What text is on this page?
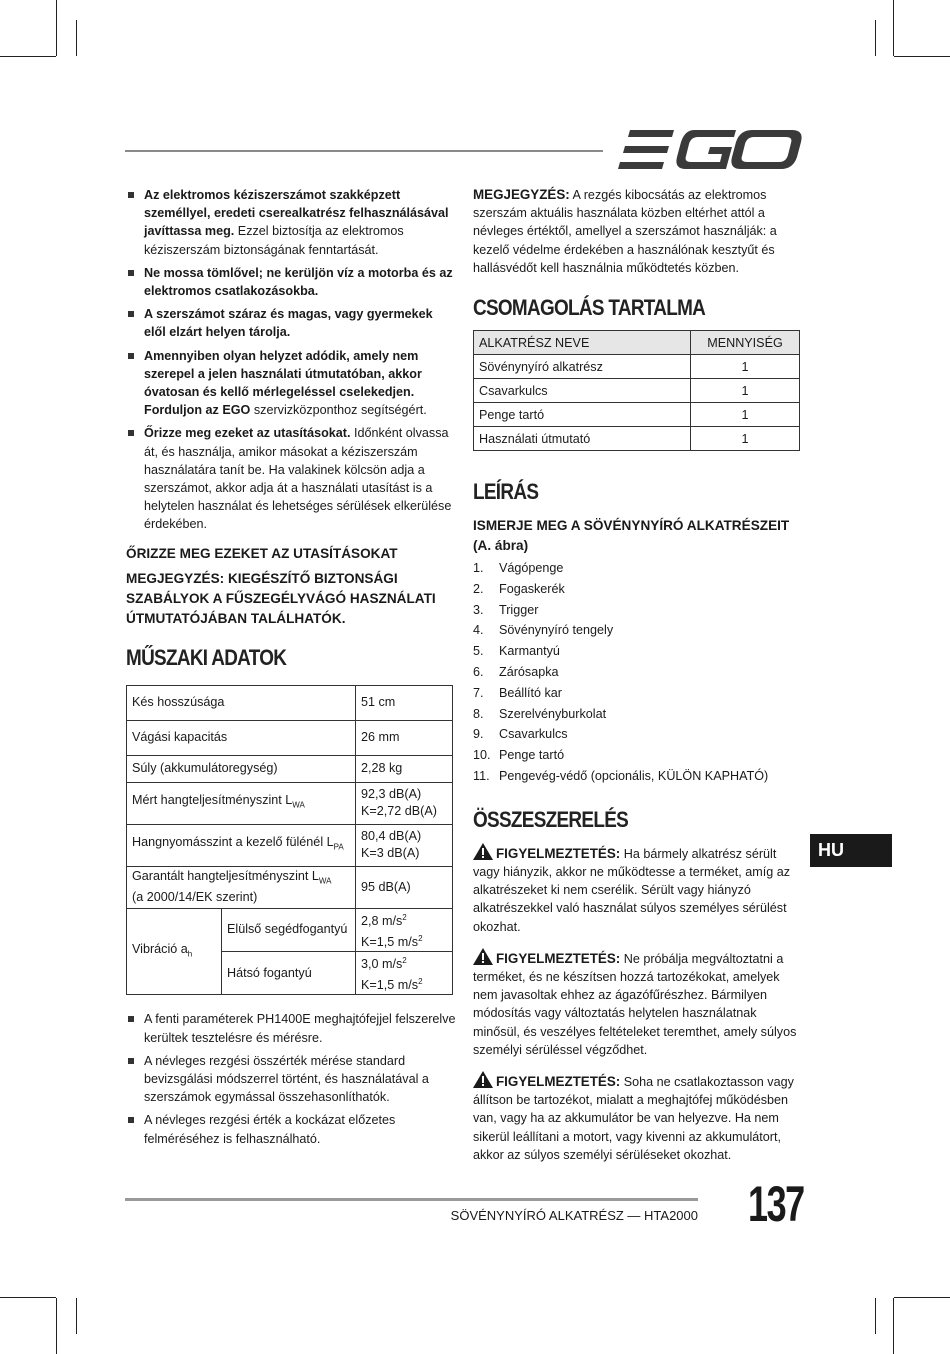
Az elektromos kéziszerszámot szakképzett személlyel, eredeti cserealkatrész felhasználásával javíttassa meg. Ezzel biztosítja az elektromos kéziszerszám biztonságának fenntartását.
Ne mossa tömlővel; ne kerüljön víz a motorba és az elektromos csatlakozásokba.
A szerszámot száraz és magas, vagy gyermekek elől elzárt helyen tárolja.
Amennyiben olyan helyzet adódik, amely nem szerepel a jelen használati útmutatóban, akkor óvatosan és kellő mérlegeléssel cselekedjen. Forduljon az EGO szervizközponthoz segítségért.
Őrizze meg ezeket az utasításokat. Időnként olvassa át, és használja, amikor másokat a kéziszerszám használatára tanít be. Ha valakinek kölcsön adja a szerszámot, akkor adja át a használati utasítást is a helytelen használat és lehetséges sérülések elkerülése érdekében.

ŐRIZZE MEG EZEKET AZ UTASÍTÁSOKAT

MEGJEGYZÉS: KIEGÉSZÍTŐ BIZTONSÁGI SZABÁLYOK A FŰSZEGÉLYVÁGÓ HASZNÁLATI ÚTMUTATÓJÁBAN TALÁLHATÓK.

MŰSZAKI ADATOK
Kés hosszúsága		51 cm
Vágási kapacitás		26 mm
Súly (akkumulátoregység)		2,28 kg
Mért hangteljesítményszint $L_{WA}$		92,3 dB(A)
K=2,72 dB(A)
Hangnyomásszint a kezelő fülénél $L_{PA}$		80,4 dB(A)
K=3 dB(A)
Garantált hangteljesítményszint $L_{WA}$
(a 2000/14/EK szerint)		95 dB(A)
Vibráció $a_h$	Elülső segédfogantyú	2,8 $m/s^2$
K=1,5 $m/s^2$
	Hátsó fogantyú	3,0 $m/s^2$
K=1,5 $m/s^2$
A fenti paraméterek PH1400E meghajtófejjel felszerelve kerültek tesztelésre és mérésre.
A névleges rezgési összérték mérése standard bevizsgálási módszerrel történt, és használatával a szerszámok egymással összehasonlíthatók.
A névleges rezgési érték a kockázat előzetes felméréséhez is felhasználható.

MEGJEGYZÉS: A rezgés kibocsátás az elektromos szerszám aktuális használata közben eltérhet attól a névleges értéktől, amellyel a szerszámot használják: a kezelő védelme érdekében a használónak kesztyűt és hallásvédőt kell használnia működtetés közben.

CSOMAGOLÁS TARTALMA
ALKATRÉSZ NEVE	MENNYISÉG
Sövénynyíró alkatrész	1
Csavarkulcs	1
Penge tartó	1
Használati útmutató	1
LEÍRÁS

ISMERJE MEG A SÖVÉNYNYÍRÓ ALKATRÉSZEIT (A. ábra)

1.	Vágópenge
2.	Fogaskerék
3.	Trigger
4.	Sövénynyíró tengely
5.	Karmantyú
6.	Zárósapka
7.	Beállító kar
8.	Szerelvényburkolat
9.	Csavarkulcs
10. Penge tartó
11. Pengevég-védő (opcionális, KÜLÖN KAPHATÓ)
ÖSSZESZERELÉS

FIGYELMEZTETÉS: Ha bármely alkatrész sérült vagy hiányzik, akkor ne működtesse a terméket, amíg az alkatrészeket ki nem cserélik. Sérült vagy hiányzó alkatrészekkel való használat súlyos személyes sérülést okozhat.

FIGYELMEZTETÉS: Ne próbálja megváltoztatni a terméket, és ne készítsen hozzá tartozékokat, amelyek nem javasoltak ehhez az ágazófűrészhez. Bármilyen módosítás vagy változtatás helytelen használatnak minősül, és veszélyes feltételeket teremthet, amely súlyos személyi sérüléssel végződhet.

FIGYELMEZTETÉS: Soha ne csatlakoztasson vagy állítson be tartozékot, mialatt a meghajtófej működésben van, vagy ha az akkumulátor be van helyezve. Ha nem sikerül leállítani a motort, vagy kivenni az akkumulátort, akkor az súlyos személyi sérüléseket okozhat.

HU
SÖVÉNYNYÍRÓ ALKATRÉSZ — HTA2000 137
